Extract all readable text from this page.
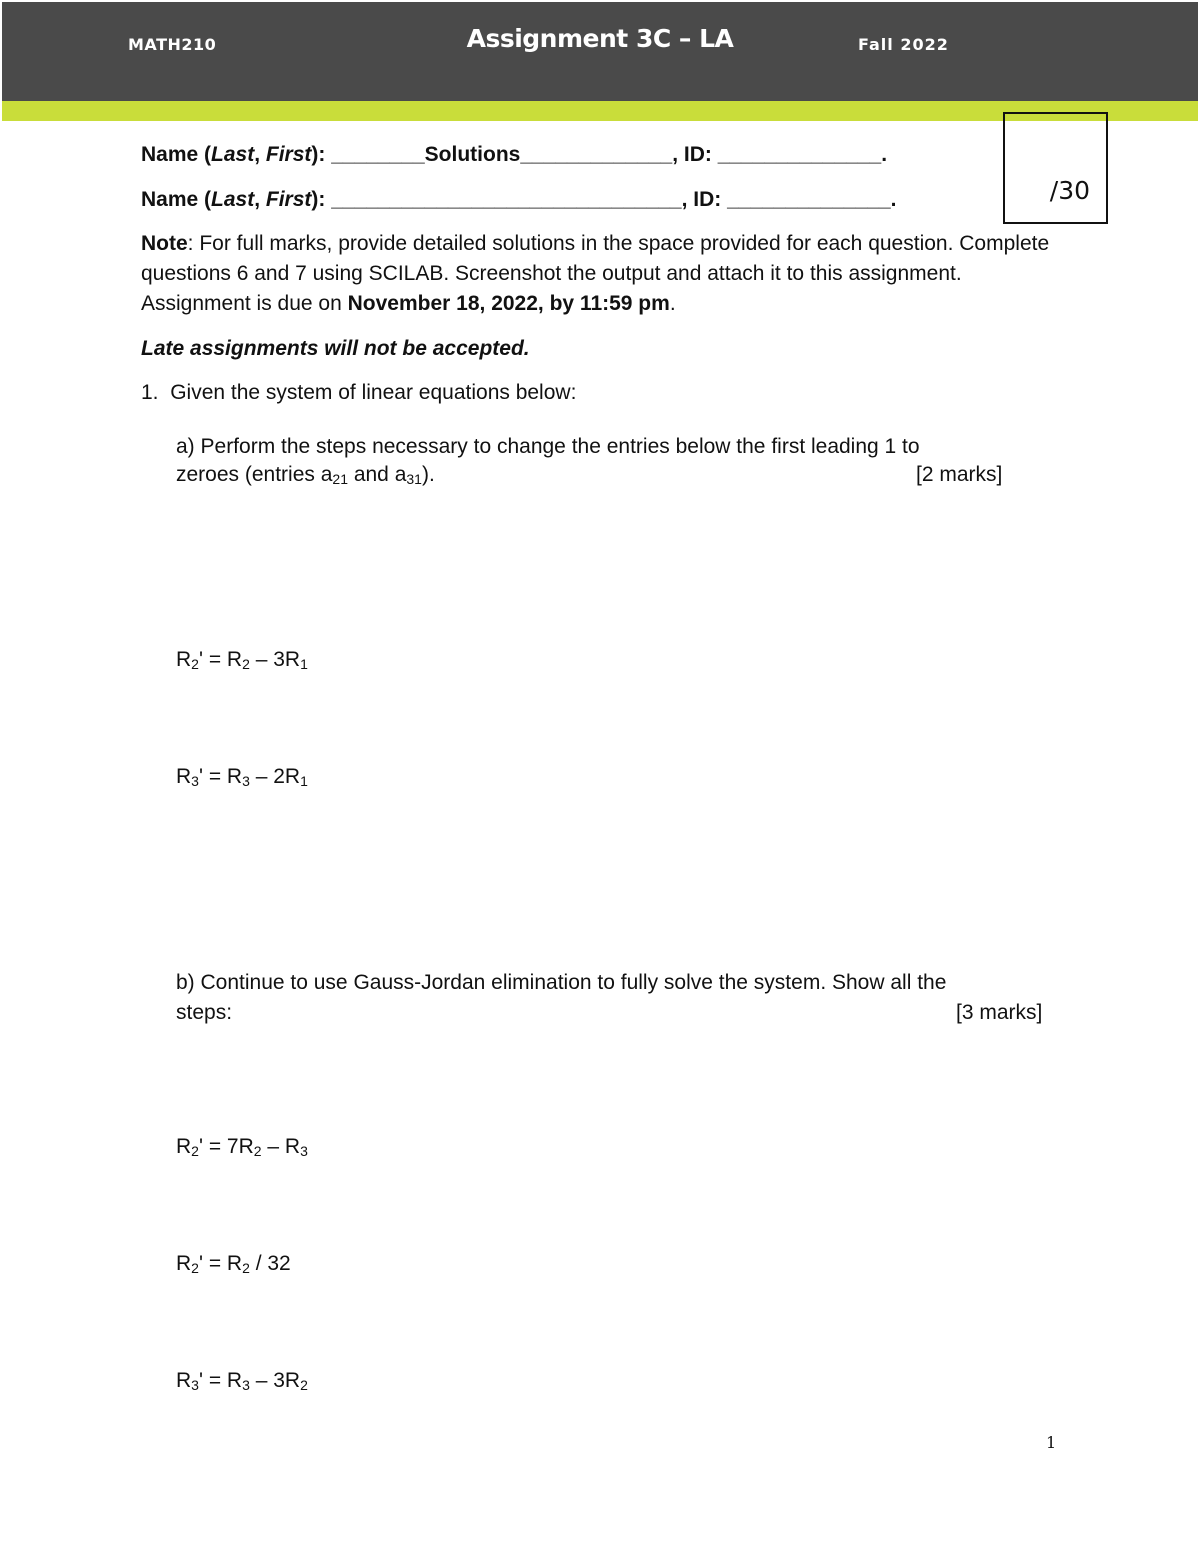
MATH210	Assignment 3C – LA	Fall 2022
/30
Name (Last, First): ________Solutions_____________, ID: ______________.
Name (Last, First): ______________________________, ID: ______________.
Note: For full marks, provide detailed solutions in the space provided for each question. Complete questions 6 and 7 using SCILAB. Screenshot the output and attach it to this assignment. Assignment is due on November 18, 2022, by 11:59 pm.
Late assignments will not be accepted.
1. Given the system of linear equations below:
a) Perform the steps necessary to change the entries below the first leading 1 to
zeroes (entries $a_{21}$ and $a_{31}$).	[2 marks]
$R_2' = R_2 - 3R_1$
$R_3' = R_3 - 2R_1$
b) Continue to use Gauss-Jordan elimination to fully solve the system. Show all the
steps:	[3 marks]
$R_2' = 7R_2 - R_3$
$R_2' = R_2 / 32$
$R_3' = R_3 - 3R_2$
1
